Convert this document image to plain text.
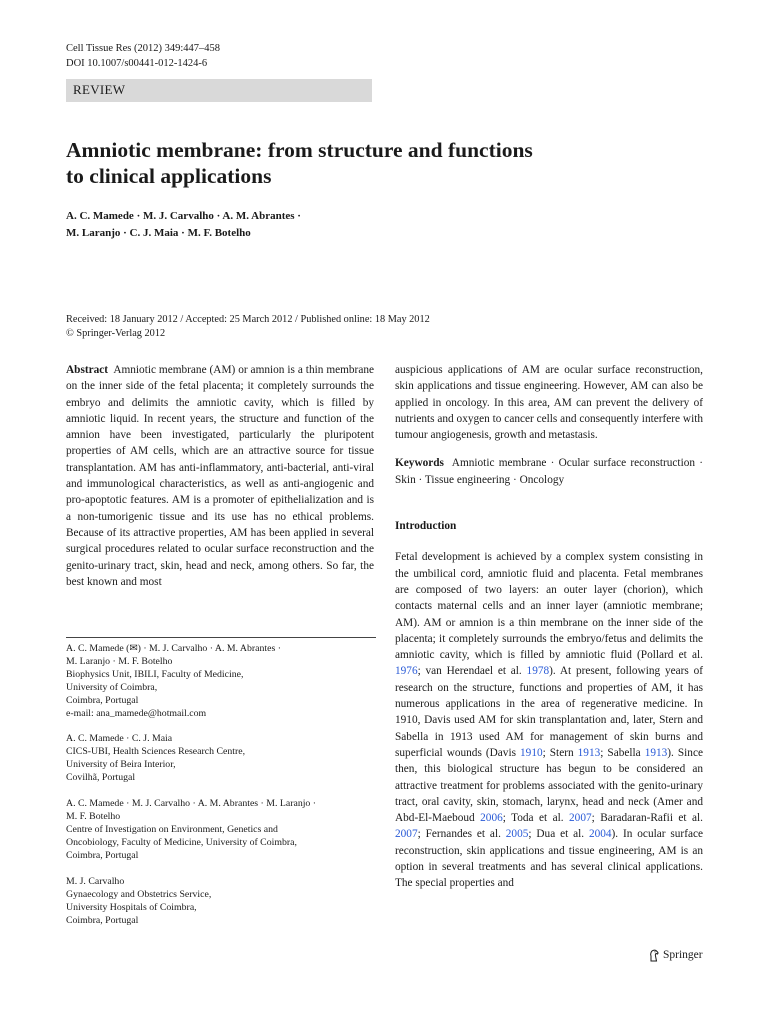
Cell Tissue Res (2012) 349:447–458
DOI 10.1007/s00441-012-1424-6
REVIEW
Amniotic membrane: from structure and functions
to clinical applications
A. C. Mamede · M. J. Carvalho · A. M. Abrantes ·
M. Laranjo · C. J. Maia · M. F. Botelho
Received: 18 January 2012 / Accepted: 25 March 2012 / Published online: 18 May 2012
© Springer-Verlag 2012

Abstract Amniotic membrane (AM) or amnion is a thin membrane on the inner side of the fetal placenta; it completely surrounds the embryo and delimits the amniotic cavity, which is filled by amniotic liquid. In recent years, the structure and function of the amnion have been investigated, particularly the pluripotent properties of AM cells, which are an attractive source for tissue transplantation. AM has anti-inflammatory, anti-bacterial, anti-viral and immunological characteristics, as well as anti-angiogenic and pro-apoptotic features. AM is a promoter of epithelialization and is a non-tumorigenic tissue and its use has no ethical problems. Because of its attractive properties, AM has been applied in several surgical procedures related to ocular surface reconstruction and the genito-urinary tract, skin, head and neck, among others. So far, the best known and most

A. C. Mamede (✉) · M. J. Carvalho · A. M. Abrantes ·
M. Laranjo · M. F. Botelho
Biophysics Unit, IBILI, Faculty of Medicine,
University of Coimbra,
Coimbra, Portugal
e-mail: ana_mamede@hotmail.com
A. C. Mamede · C. J. Maia
CICS-UBI, Health Sciences Research Centre,
University of Beira Interior,
Covilhã, Portugal
A. C. Mamede · M. J. Carvalho · A. M. Abrantes · M. Laranjo ·
M. F. Botelho
Centre of Investigation on Environment, Genetics and
Oncobiology, Faculty of Medicine, University of Coimbra,
Coimbra, Portugal
M. J. Carvalho
Gynaecology and Obstetrics Service,
University Hospitals of Coimbra,
Coimbra, Portugal

auspicious applications of AM are ocular surface reconstruction, skin applications and tissue engineering. However, AM can also be applied in oncology. In this area, AM can prevent the delivery of nutrients and oxygen to cancer cells and consequently interfere with tumour angiogenesis, growth and metastasis.

Keywords Amniotic membrane · Ocular surface reconstruction · Skin · Tissue engineering · Oncology

Introduction

Fetal development is achieved by a complex system consisting in the umbilical cord, amniotic fluid and placenta. Fetal membranes are composed of two layers: an outer layer (chorion), which contacts maternal cells and an inner layer (amniotic membrane; AM). AM or amnion is a thin membrane on the inner side of the placenta; it completely surrounds the embryo/fetus and delimits the amniotic cavity, which is filled by amniotic fluid (Pollard et al. 1976; van Herendael et al. 1978). At present, following years of research on the structure, functions and properties of AM, it has numerous applications in the area of regenerative medicine. In 1910, Davis used AM for skin transplantation and, later, Stern and Sabella in 1913 used AM for management of skin burns and superficial wounds (Davis 1910; Stern 1913; Sabella 1913). Since then, this biological structure has begun to be considered an attractive treatment for problems associated with the genito-urinary tract, oral cavity, skin, stomach, larynx, head and neck (Amer and Abd-El-Maeboud 2006; Toda et al. 2007; Baradaran-Rafii et al. 2007; Fernandes et al. 2005; Dua et al. 2004). In ocular surface reconstruction, skin applications and tissue engineering, AM is an option in several treatments and has several clinical applications. The special properties and

Springer
